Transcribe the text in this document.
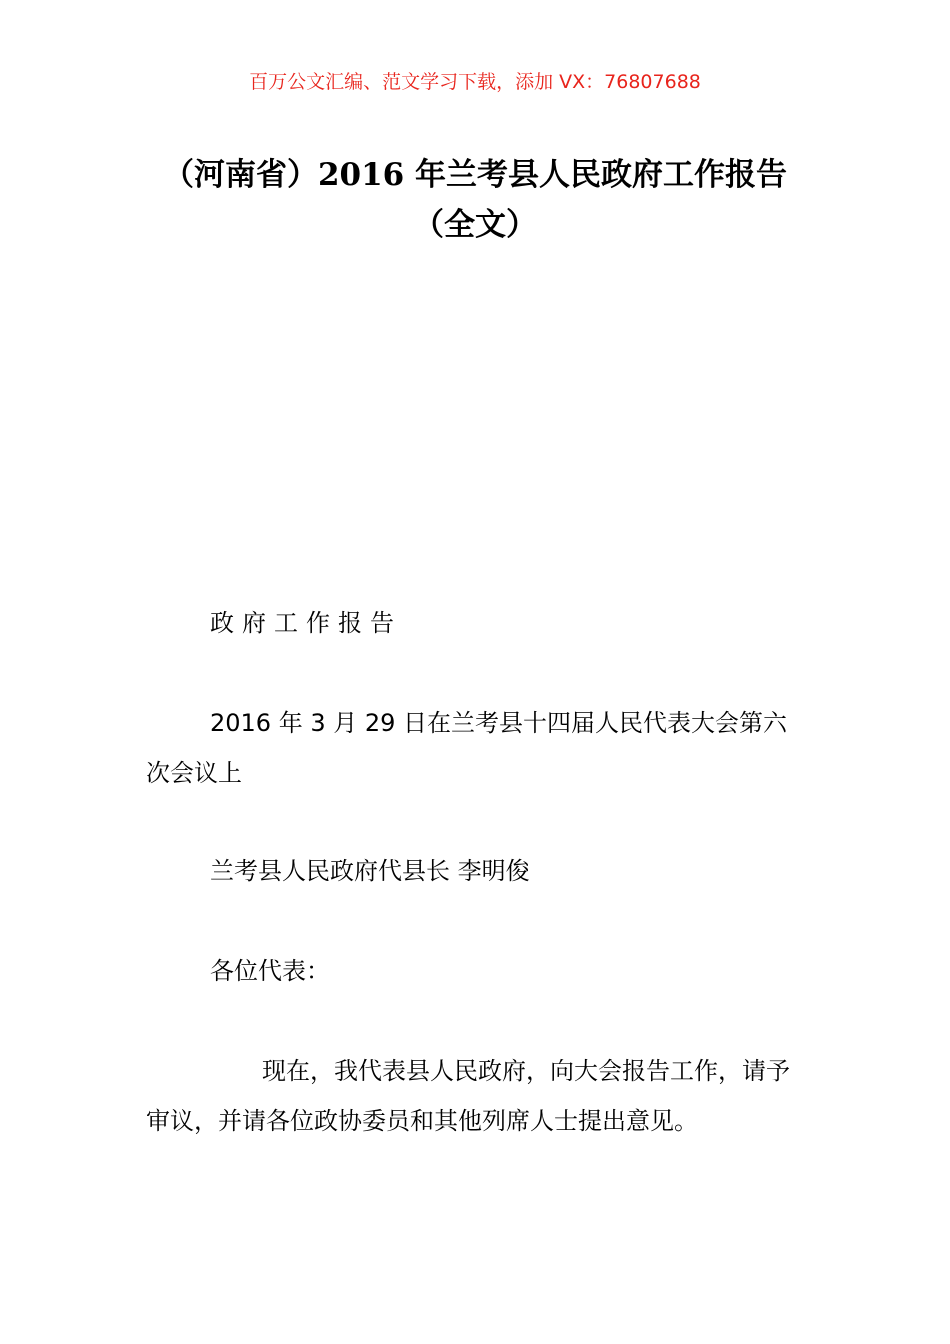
百万公文汇编、范文学习下载，添加 VX：76807688
（河南省）2016 年兰考县人民政府工作报告（全文）
政府工作报告
2016 年 3 月 29 日在兰考县十四届人民代表大会第六次会议上
兰考县人民政府代县长 李明俊
各位代表：
现在，我代表县人民政府，向大会报告工作，请予审议，并请各位政协委员和其他列席人士提出意见。
